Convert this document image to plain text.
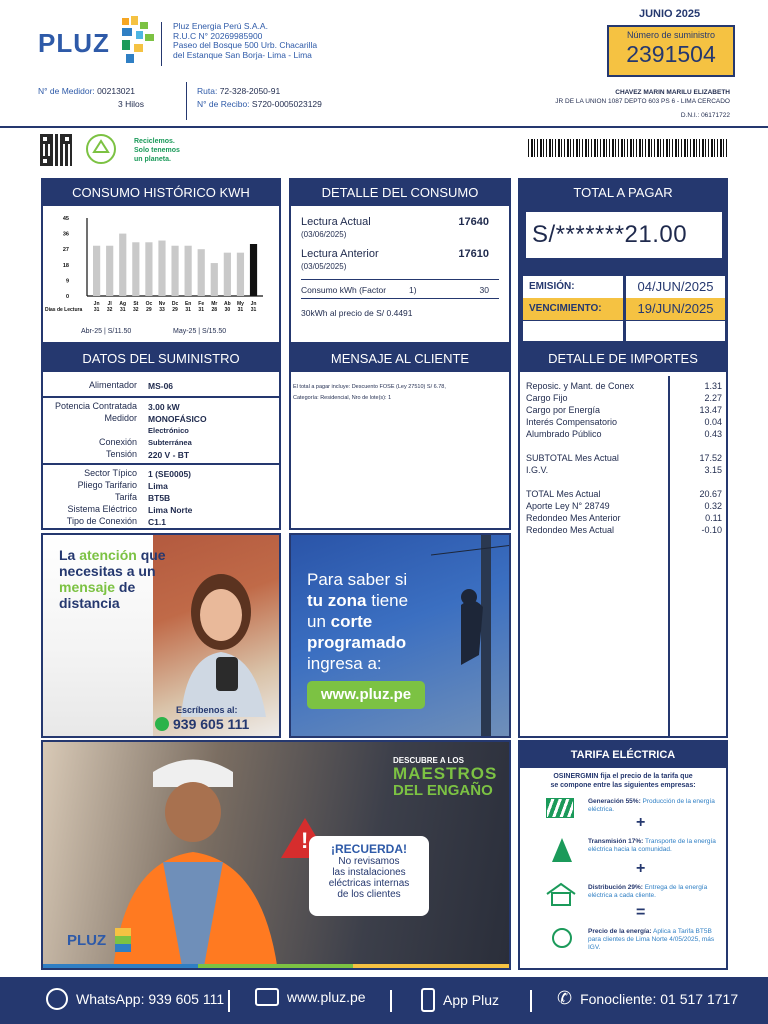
PLUZ
Pluz Energia Perú S.A.A.
R.U.C N° 20269985900
Paseo del Bosque 500 Urb. Chacarilla
del Estanque San Borja- Lima - Lima
JUNIO 2025
Número de suministro
2391504
N° de Medidor: 00213021
3 Hilos
Ruta: 72-328-2050-91
N° de Recibo: S720-0005023129
CHAVEZ MARIN MARILU ELIZABETH
JR DE LA UNION 1087 DEPTO 603 PS 6 - LIMA CERCADO
D.N.I.: 06171722
Reciclemos.
Solo tenemos
un planeta.
CONSUMO HISTÓRICO KWH
0
9
18
27
36
45
Jn
31
Jl
32
Ag
31
St
32
Oc
29
Nv
33
Dc
29
En
31
Fe
31
Mr
28
Ab
30
My
31
Jn
31
Días de Lectura
Abr-25 | S/11.50	May-25 | S/15.50
DETALLE DEL CONSUMO
Lectura Actual
(03/06/2025)
17640
Lectura Anterior
(03/05/2025)
17610
Consumo kWh (Factor	1)	30
30kWh al precio de S/ 0.4491
TOTAL A PAGAR
S/*******21.00
EMISIÓN:	04/JUN/2025
VENCIMIENTO:	19/JUN/2025
DATOS DEL SUMINISTRO
Alimentador	MS-06
Potencia Contratada	3.00 kW
Medidor	MONOFÁSICO
Electrónico
Conexión	Subterránea
Tensión	220 V - BT
Sector Típico	1 (SE0005)
Pliego Tarifario	Lima
Tarifa	BT5B
Sistema Eléctrico	Lima Norte
Tipo de Conexión	C1.1
MENSAJE AL CLIENTE
El total a pagar incluye: Descuento FOSE (Ley 27510) S/ 6.78,
Categoría: Residencial, Nro de lote(s): 1
DETALLE DE IMPORTES
Reposic. y Mant. de Conex	1.31
Cargo Fijo	2.27
Cargo por Energía	13.47
Interés Compensatorio	0.04
Alumbrado Público	0.43
SUBTOTAL Mes Actual	17.52
I.G.V.	3.15
TOTAL Mes Actual	20.67
Aporte Ley N° 28749	0.32
Redondeo Mes Anterior	0.11
Redondeo Mes Actual	-0.10
La atención que
necesitas a un
mensaje de
distancia
Escríbenos al:
939 605 111
Para saber si
tu zona tiene
un corte
programado
ingresa a:
www.pluz.pe
DESCUBRE A LOS
MAESTROS
DEL ENGAÑO
!	¡RECUERDA!
No revisamos
las instalaciones
eléctricas internas
de los clientes
PLUZ
TARIFA ELÉCTRICA
OSINERGMIN fija el precio de la tarifa que
se compone entre las siguientes empresas:
Generación 55%: Producción de la energía eléctrica.
+
Transmisión 17%: Transporte de la energía eléctrica hacia la comunidad.
+
Distribución 29%: Entrega de la energía eléctrica a cada cliente.
=
Precio de la energía: Aplica a Tarifa BT5B para clientes de Lima Norte 4/05/2025, más IGV.
WhatsApp: 939 605 111	www.pluz.pe	App Pluz	✆ Fonocliente: 01 517 1717
